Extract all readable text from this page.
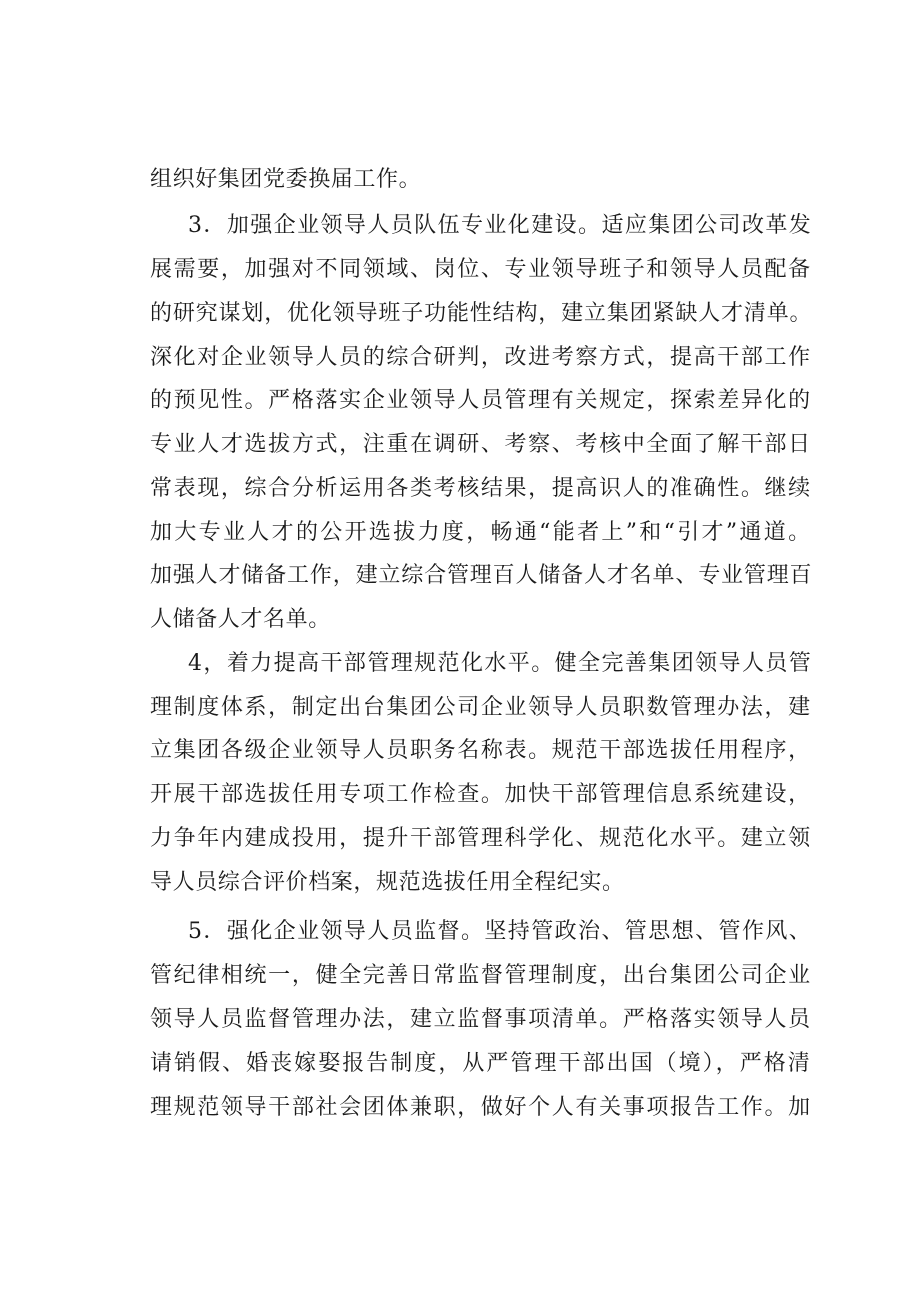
组织好集团党委换届工作。
3．加强企业领导人员队伍专业化建设。适应集团公司改革发
展需要，加强对不同领域、岗位、专业领导班子和领导人员配备
的研究谋划，优化领导班子功能性结构，建立集团紧缺人才清单。
深化对企业领导人员的综合研判，改进考察方式，提高干部工作
的预见性。严格落实企业领导人员管理有关规定，探索差异化的
专业人才选拔方式，注重在调研、考察、考核中全面了解干部日
常表现，综合分析运用各类考核结果，提高识人的准确性。继续
加大专业人才的公开选拔力度，畅通“能者上”和“引才”通道。
加强人才储备工作，建立综合管理百人储备人才名单、专业管理百
人储备人才名单。
4，着力提高干部管理规范化水平。健全完善集团领导人员管
理制度体系，制定出台集团公司企业领导人员职数管理办法，建
立集团各级企业领导人员职务名称表。规范干部选拔任用程序，
开展干部选拔任用专项工作检查。加快干部管理信息系统建设，
力争年内建成投用，提升干部管理科学化、规范化水平。建立领
导人员综合评价档案，规范选拔任用全程纪实。
5．强化企业领导人员监督。坚持管政治、管思想、管作风、
管纪律相统一，健全完善日常监督管理制度，出台集团公司企业
领导人员监督管理办法，建立监督事项清单。严格落实领导人员
请销假、婚丧嫁娶报告制度，从严管理干部出国（境），严格清
理规范领导干部社会团体兼职，做好个人有关事项报告工作。加
